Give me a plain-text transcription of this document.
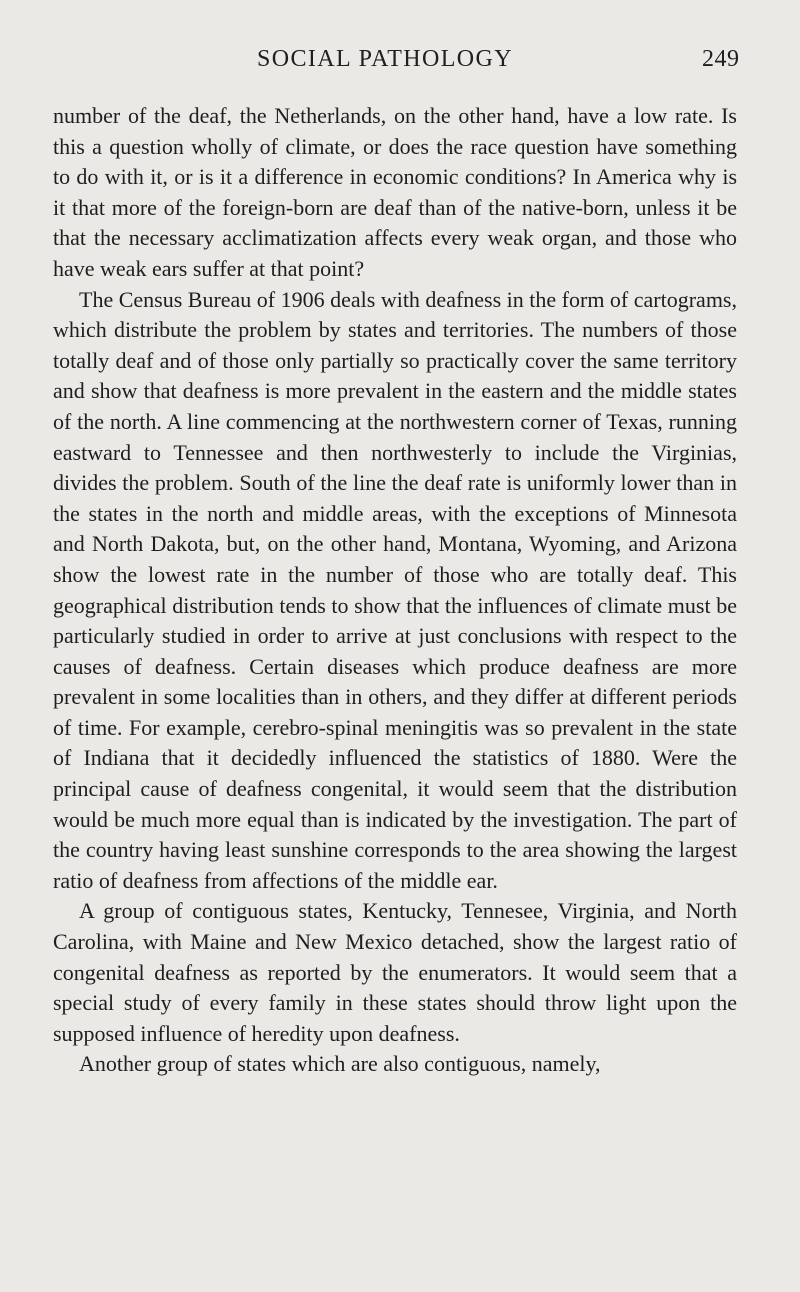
SOCIAL PATHOLOGY	249

number of the deaf, the Netherlands, on the other hand, have a low rate. Is this a question wholly of climate, or does the race question have something to do with it, or is it a difference in economic conditions? In America why is it that more of the foreign-born are deaf than of the native-born, unless it be that the necessary acclimatization affects every weak organ, and those who have weak ears suffer at that point?

The Census Bureau of 1906 deals with deafness in the form of cartograms, which distribute the problem by states and territories. The numbers of those totally deaf and of those only partially so practically cover the same territory and show that deafness is more prevalent in the eastern and the middle states of the north. A line commencing at the northwestern corner of Texas, running eastward to Tennessee and then northwesterly to include the Virginias, divides the problem. South of the line the deaf rate is uniformly lower than in the states in the north and middle areas, with the exceptions of Minnesota and North Dakota, but, on the other hand, Montana, Wyoming, and Arizona show the lowest rate in the number of those who are totally deaf. This geographical distribution tends to show that the influences of climate must be particularly studied in order to arrive at just conclusions with respect to the causes of deafness. Certain diseases which produce deafness are more prevalent in some localities than in others, and they differ at different periods of time. For example, cerebro-spinal meningitis was so prevalent in the state of Indiana that it decidedly influenced the statistics of 1880. Were the principal cause of deafness congenital, it would seem that the distribution would be much more equal than is indicated by the investigation. The part of the country having least sunshine corresponds to the area showing the largest ratio of deafness from affections of the middle ear.

A group of contiguous states, Kentucky, Tennesee, Virginia, and North Carolina, with Maine and New Mexico detached, show the largest ratio of congenital deafness as reported by the enumerators. It would seem that a special study of every family in these states should throw light upon the supposed influence of heredity upon deafness.

Another group of states which are also contiguous, namely,
